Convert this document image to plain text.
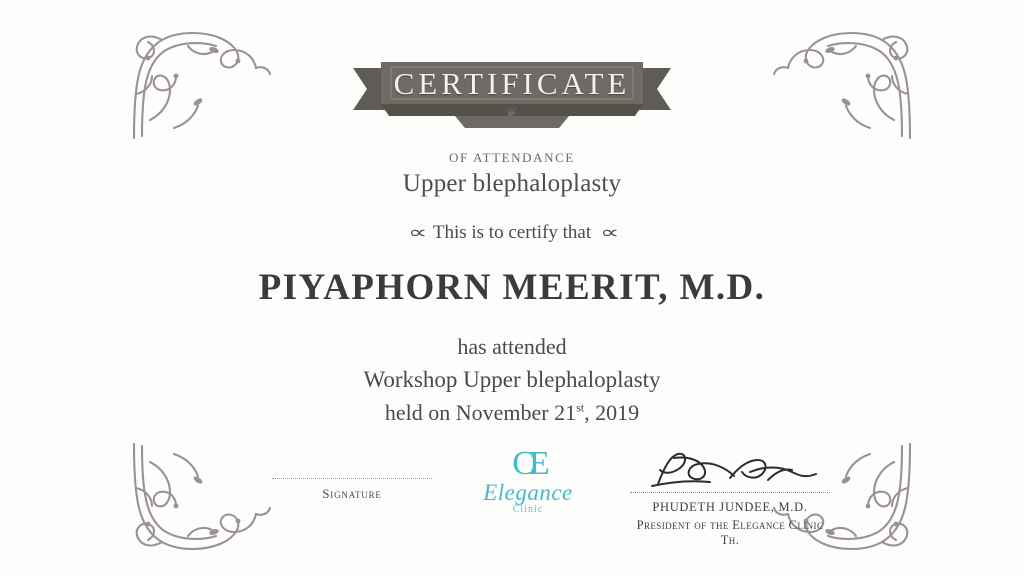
CERTIFICATE
❦
OF ATTENDANCE
Upper blephaloplasty
∝ This is to certify that ∝
PIYAPHORN MEERIT, M.D.
has attended
Workshop Upper blephaloplasty
held on November 21st, 2019
Signature
CE
Elegance
Clinic	PHUDETH JUNDEE, M.D.
President of the Elegance Clinic Th.
